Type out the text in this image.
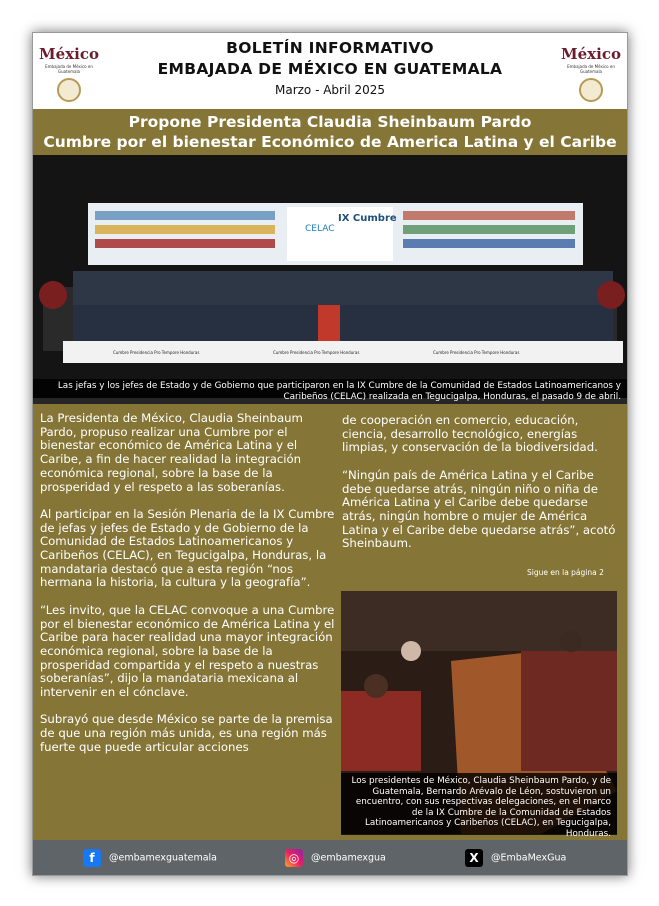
México
Embajada de México en Guatemala
BOLETÍN INFORMATIVO
EMBAJADA DE MÉXICO EN GUATEMALA
Marzo - Abril 2025
México
Embajada de México en Guatemala
Propone Presidenta Claudia Sheinbaum Pardo
Cumbre por el bienestar Económico de America Latina y el Caribe
CELAC
IX Cumbre
Cumbre Presidencia Pro Tempore Honduras	Cumbre Presidencia Pro Tempore Honduras	Cumbre Presidencia Pro Tempore Honduras

Las jefas y los jefes de Estado y de Gobierno que participaron en la IX Cumbre de la Comunidad de Estados Latinoamericanos y Caribeños (CELAC) realizada en Tegucigalpa, Honduras, el pasado 9 de abril.

La Presidenta de México, Claudia Sheinbaum Pardo, propuso realizar una Cumbre por el bienestar económico de América Latina y el Caribe, a fin de hacer realidad la integración económica regional, sobre la base de la prosperidad y el respeto a las soberanías.

Al participar en la Sesión Plenaria de la IX Cumbre de jefas y jefes de Estado y de Gobierno de la Comunidad de Estados Latinoamericanos y Caribeños (CELAC), en Tegucigalpa, Honduras, la mandataria destacó que a esta región “nos hermana la historia, la cultura y la geografía”.

“Les invito, que la CELAC convoque a una Cumbre por el bienestar económico de América Latina y el Caribe para hacer realidad una mayor integración económica regional, sobre la base de la prosperidad compartida y el respeto a nuestras soberanías”, dijo la mandataria mexicana al intervenir en el cónclave.

Subrayó que desde México se parte de la premisa de que una región más unida, es una región más fuerte que puede articular acciones

de cooperación en comercio, educación, ciencia, desarrollo tecnológico, energías limpias, y conservación de la biodiversidad.

“Ningún país de América Latina y el Caribe debe quedarse atrás, ningún niño o niña de América Latina y el Caribe debe quedarse atrás, ningún hombre o mujer de América Latina y el Caribe debe quedarse atrás”, acotó Sheinbaum.

Sigue en la página 2

Los presidentes de México, Claudia Sheinbaum Pardo, y de Guatemala, Bernardo Arévalo de Léon, sostuvieron un encuentro, con sus respectivas delegaciones, en el marco de la IX Cumbre de la Comunidad de Estados Latinoamericanos y Caribeños (CELAC), en Tegucigalpa, Honduras.

f @embamexguatemala	◎ @embamexgua	X @EmbaMexGua
